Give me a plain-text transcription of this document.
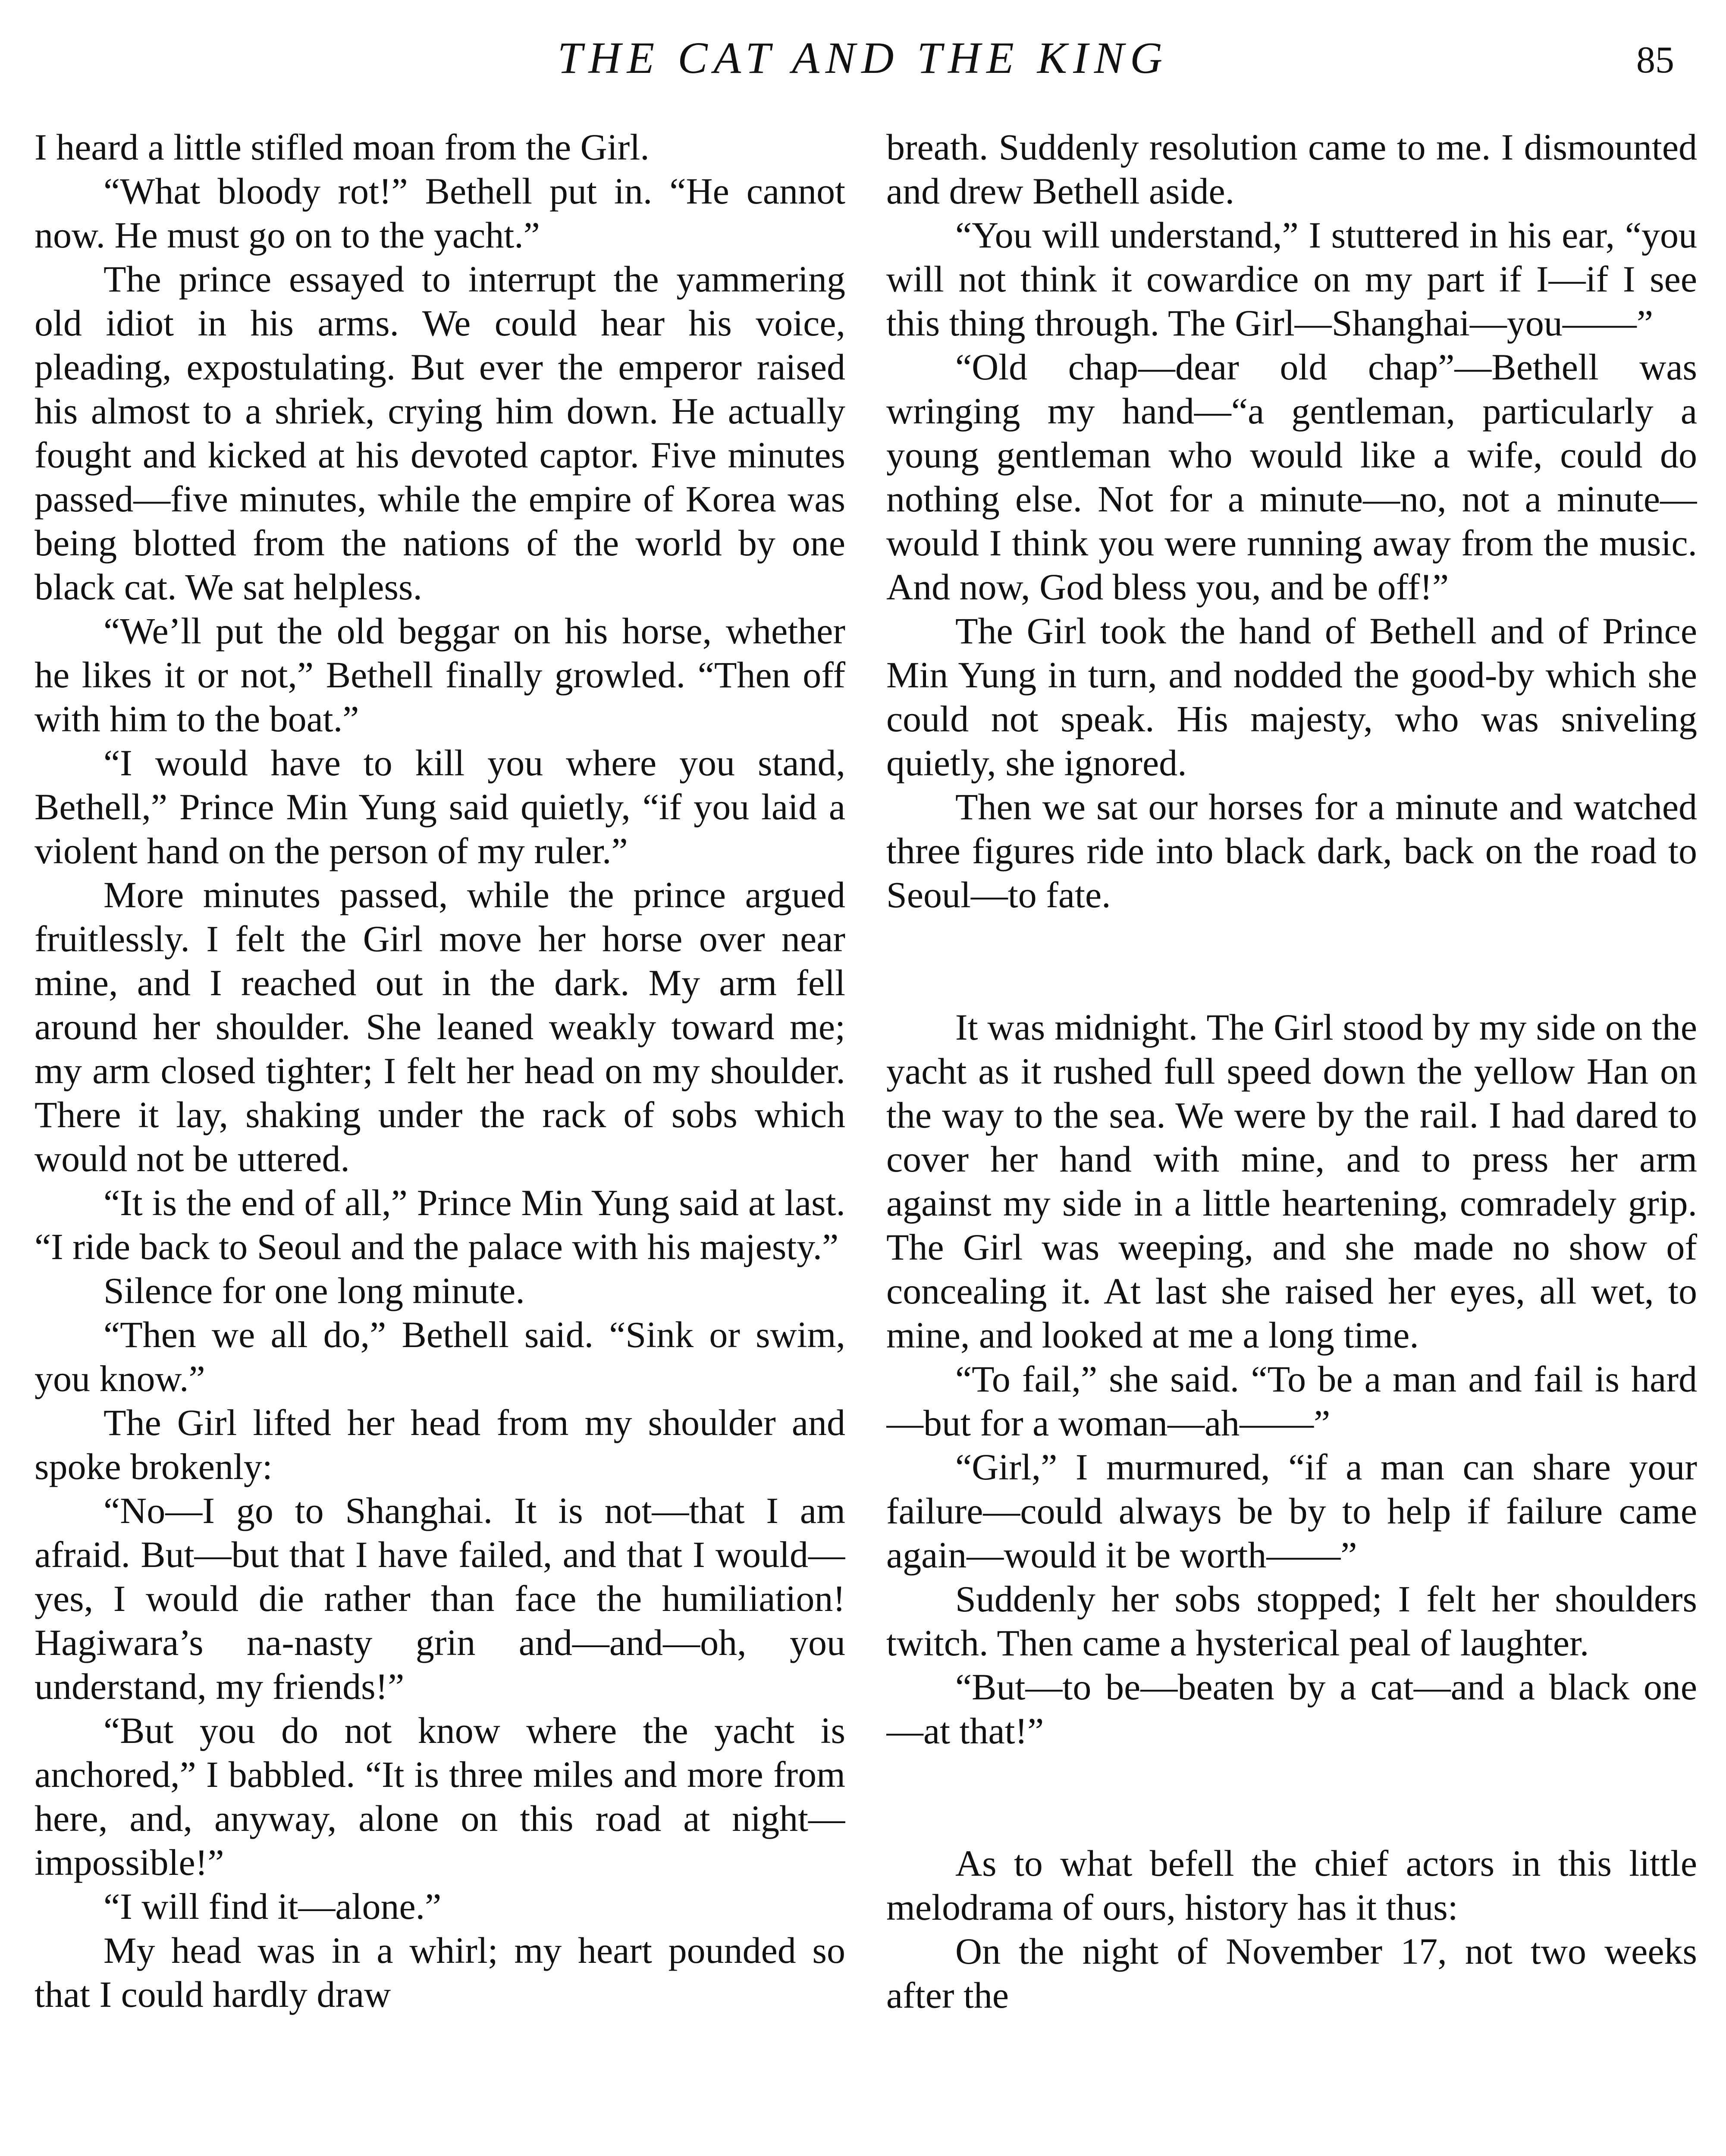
THE CAT AND THE KING	85

I heard a little stifled moan from the Girl.

“What bloody rot!” Bethell put in. “He cannot now. He must go on to the yacht.”

The prince essayed to interrupt the yammering old idiot in his arms. We could hear his voice, pleading, expostulating. But ever the emperor raised his almost to a shriek, crying him down. He actually fought and kicked at his devoted captor. Five minutes passed—five minutes, while the empire of Korea was being blotted from the nations of the world by one black cat. We sat helpless.

“We’ll put the old beggar on his horse, whether he likes it or not,” Bethell finally growled. “Then off with him to the boat.”

“I would have to kill you where you stand, Bethell,” Prince Min Yung said quietly, “if you laid a violent hand on the person of my ruler.”

More minutes passed, while the prince argued fruitlessly. I felt the Girl move her horse over near mine, and I reached out in the dark. My arm fell around her shoulder. She leaned weakly toward me; my arm closed tighter; I felt her head on my shoulder. There it lay, shaking under the rack of sobs which would not be uttered.

“It is the end of all,” Prince Min Yung said at last. “I ride back to Seoul and the palace with his majesty.”

Silence for one long minute.

“Then we all do,” Bethell said. “Sink or swim, you know.”

The Girl lifted her head from my shoulder and spoke brokenly:

“No—I go to Shanghai. It is not—that I am afraid. But—but that I have failed, and that I would—yes, I would die rather than face the humiliation! Hagiwara’s na-nasty grin and—and—oh, you understand, my friends!”

“But you do not know where the yacht is anchored,” I babbled. “It is three miles and more from here, and, anyway, alone on this road at night—impossible!”

“I will find it—alone.”

My head was in a whirl; my heart pounded so that I could hardly draw

breath. Suddenly resolution came to me. I dismounted and drew Bethell aside.

“You will understand,” I stuttered in his ear, “you will not think it cowardice on my part if I—if I see this thing through. The Girl—Shanghai—you——”

“Old chap—dear old chap”—Bethell was wringing my hand—“a gentleman, particularly a young gentleman who would like a wife, could do nothing else. Not for a minute—no, not a minute—would I think you were running away from the music. And now, God bless you, and be off!”

The Girl took the hand of Bethell and of Prince Min Yung in turn, and nodded the good-by which she could not speak. His majesty, who was sniveling quietly, she ignored.

Then we sat our horses for a minute and watched three figures ride into black dark, back on the road to Seoul—to fate.

It was midnight. The Girl stood by my side on the yacht as it rushed full speed down the yellow Han on the way to the sea. We were by the rail. I had dared to cover her hand with mine, and to press her arm against my side in a little heartening, comradely grip. The Girl was weeping, and she made no show of concealing it. At last she raised her eyes, all wet, to mine, and looked at me a long time.

“To fail,” she said. “To be a man and fail is hard—but for a woman—ah——”

“Girl,” I murmured, “if a man can share your failure—could always be by to help if failure came again—would it be worth——”

Suddenly her sobs stopped; I felt her shoulders twitch. Then came a hysterical peal of laughter.

“But—to be—beaten by a cat—and a black one—at that!”

As to what befell the chief actors in this little melodrama of ours, history has it thus:

On the night of November 17, not two weeks after the
